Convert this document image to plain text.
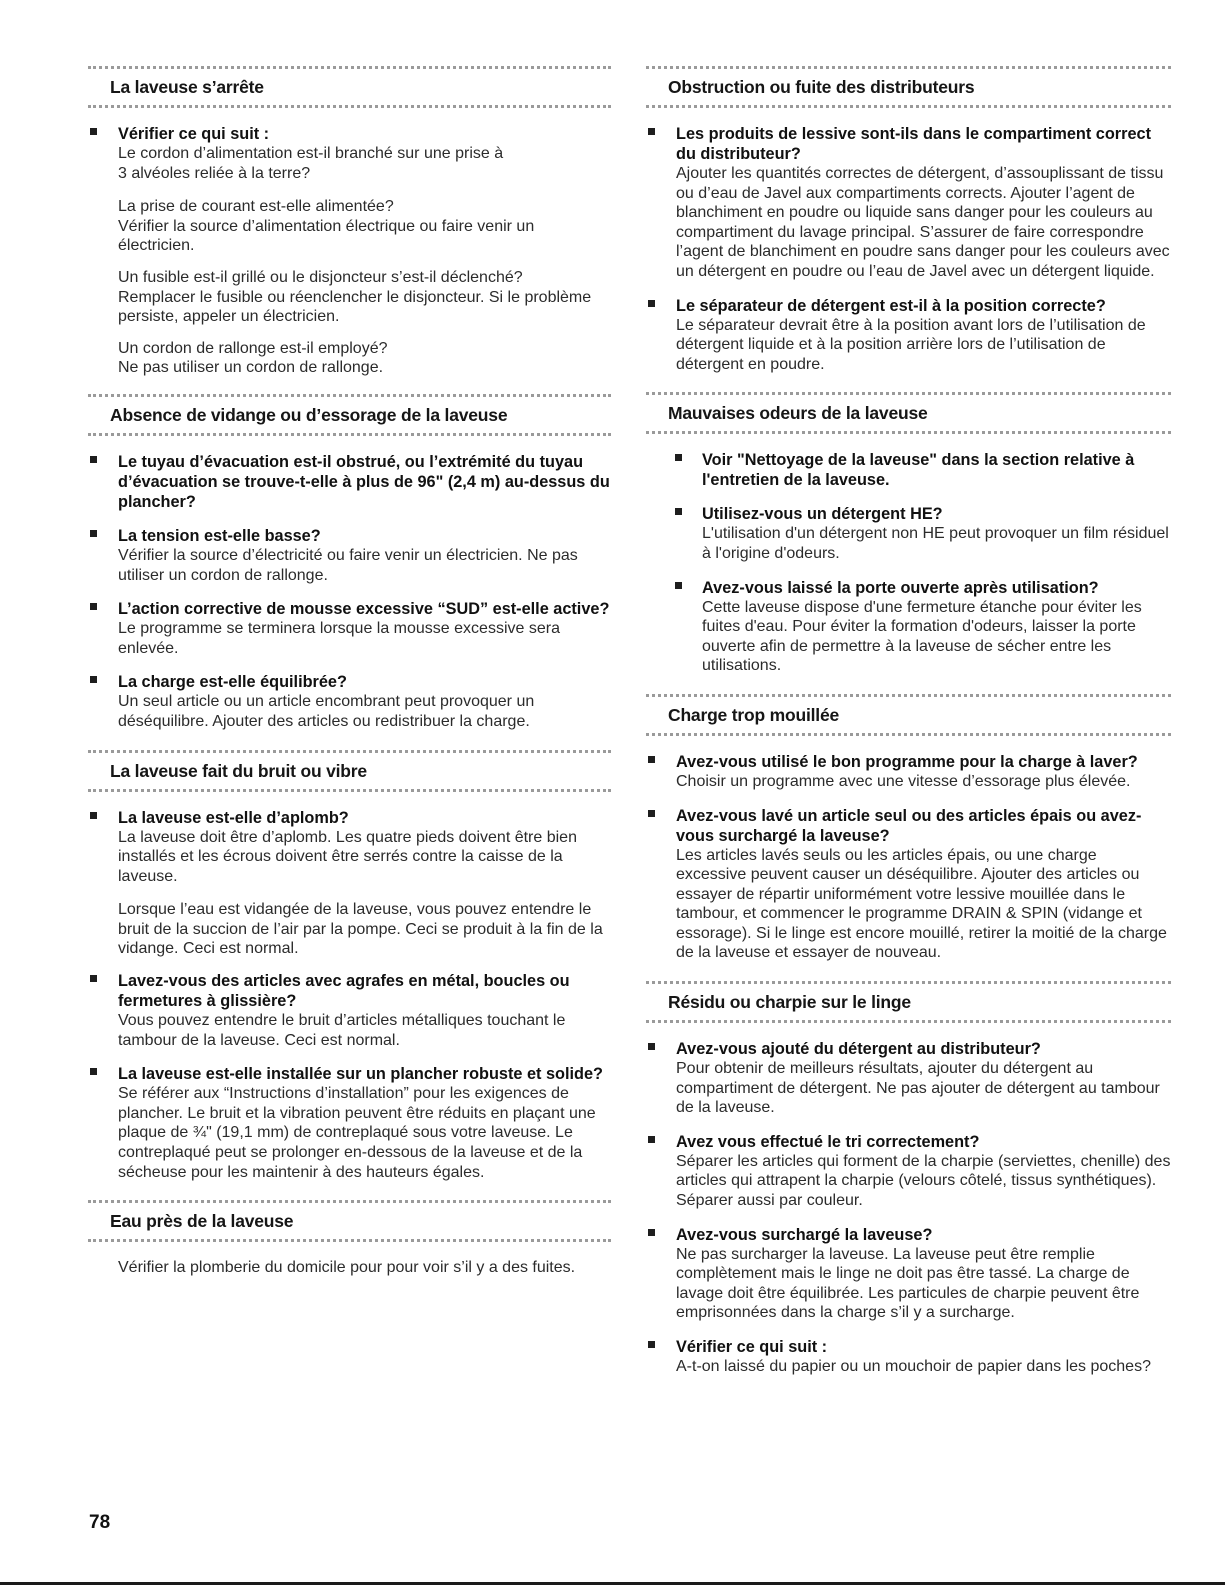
La laveuse s’arrête

Vérifier ce qui suit :

Le cordon d’alimentation est-il branché sur une prise à
3 alvéoles reliée à la terre?

La prise de courant est-elle alimentée?
Vérifier la source d’alimentation électrique ou faire venir un électricien.

Un fusible est-il grillé ou le disjoncteur s’est-il déclenché?
Remplacer le fusible ou réenclencher le disjoncteur. Si le problème persiste, appeler un électricien.

Un cordon de rallonge est-il employé?
Ne pas utiliser un cordon de rallonge.

Absence de vidange ou d’essorage de la laveuse

Le tuyau d’évacuation est-il obstrué, ou l’extrémité du tuyau d’évacuation se trouve-t-elle à plus de 96" (2,4 m) au-dessus du plancher?

La tension est-elle basse?

Vérifier la source d’électricité ou faire venir un électricien. Ne pas utiliser un cordon de rallonge.

L’action corrective de mousse excessive “SUD” est-elle active?

Le programme se terminera lorsque la mousse excessive sera enlevée.

La charge est-elle équilibrée?

Un seul article ou un article encombrant peut provoquer un déséquilibre. Ajouter des articles ou redistribuer la charge.

La laveuse fait du bruit ou vibre

La laveuse est-elle d’aplomb?

La laveuse doit être d’aplomb. Les quatre pieds doivent être bien installés et les écrous doivent être serrés contre la caisse de la laveuse.

Lorsque l’eau est vidangée de la laveuse, vous pouvez entendre le bruit de la succion de l’air par la pompe. Ceci se produit à la fin de la vidange. Ceci est normal.

Lavez-vous des articles avec agrafes en métal, boucles ou fermetures à glissière?

Vous pouvez entendre le bruit d’articles métalliques touchant le tambour de la laveuse. Ceci est normal.

La laveuse est-elle installée sur un plancher robuste et solide?

Se référer aux “Instructions d’installation” pour les exigences de plancher. Le bruit et la vibration peuvent être réduits en plaçant une plaque de ¾" (19,1 mm) de contreplaqué sous votre laveuse. Le contreplaqué peut se prolonger en-dessous de la laveuse et de la sécheuse pour les maintenir à des hauteurs égales.

Eau près de la laveuse

Vérifier la plomberie du domicile pour pour voir s’il y a des fuites.

Obstruction ou fuite des distributeurs

Les produits de lessive sont-ils dans le compartiment correct du distributeur?

Ajouter les quantités correctes de détergent, d’assouplissant de tissu ou d’eau de Javel aux compartiments corrects. Ajouter l’agent de blanchiment en poudre ou liquide sans danger pour les couleurs au compartiment du lavage principal. S’assurer de faire correspondre l’agent de blanchiment en poudre sans danger pour les couleurs avec un détergent en poudre ou l’eau de Javel avec un détergent liquide.

Le séparateur de détergent est-il à la position correcte?

Le séparateur devrait être à la position avant lors de l’utilisation de détergent liquide et à la position arrière lors de l’utilisation de détergent en poudre.

Mauvaises odeurs de la laveuse

Voir "Nettoyage de la laveuse" dans la section relative à l'entretien de la laveuse.

Utilisez-vous un détergent HE?

L'utilisation d'un détergent non HE peut provoquer un film résiduel à l'origine d'odeurs.

Avez-vous laissé la porte ouverte après utilisation?

Cette laveuse dispose d'une fermeture étanche pour éviter les fuites d'eau. Pour éviter la formation d'odeurs, laisser la porte ouverte afin de permettre à la laveuse de sécher entre les utilisations.

Charge trop mouillée

Avez-vous utilisé le bon programme pour la charge à laver?

Choisir un programme avec une vitesse d’essorage plus élevée.

Avez-vous lavé un article seul ou des articles épais ou avez-vous surchargé la laveuse?

Les articles lavés seuls ou les articles épais, ou une charge excessive peuvent causer un déséquilibre. Ajouter des articles ou essayer de répartir uniformément votre lessive mouillée dans le tambour, et commencer le programme DRAIN & SPIN (vidange et essorage). Si le linge est encore mouillé, retirer la moitié de la charge de la laveuse et essayer de nouveau.

Résidu ou charpie sur le linge

Avez-vous ajouté du détergent au distributeur?

Pour obtenir de meilleurs résultats, ajouter du détergent au compartiment de détergent. Ne pas ajouter de détergent au tambour de la laveuse.

Avez vous effectué le tri correctement?

Séparer les articles qui forment de la charpie (serviettes, chenille) des articles qui attrapent la charpie (velours côtelé, tissus synthétiques). Séparer aussi par couleur.

Avez-vous surchargé la laveuse?

Ne pas surcharger la laveuse. La laveuse peut être remplie complètement mais le linge ne doit pas être tassé. La charge de lavage doit être équilibrée. Les particules de charpie peuvent être emprisonnées dans la charge s’il y a surcharge.

Vérifier ce qui suit :

A-t-on laissé du papier ou un mouchoir de papier dans les poches?

78
